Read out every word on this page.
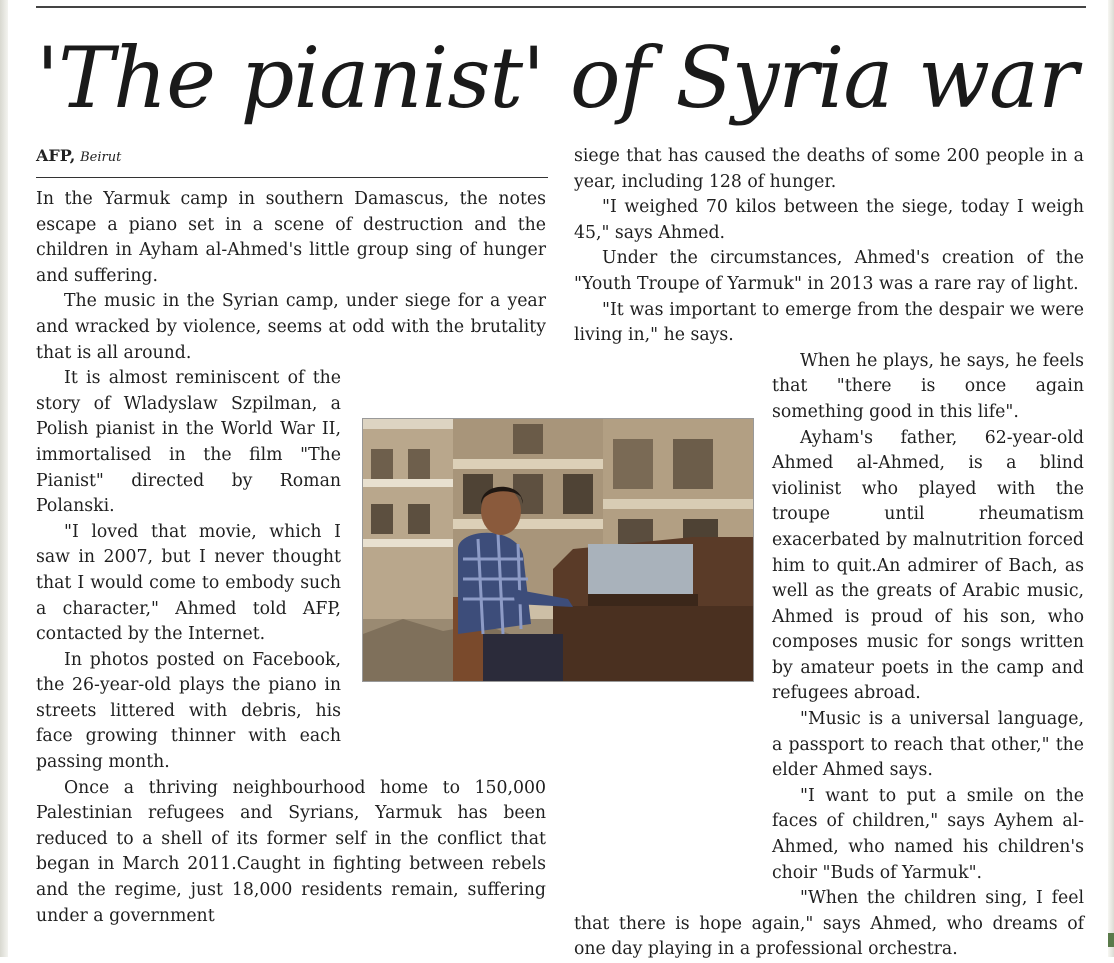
'The pianist' of Syria war
AFP, Beirut

In the Yarmuk camp in southern Damascus, the notes escape a piano set in a scene of destruction and the children in Ayham al-Ahmed's little group sing of hunger and suffering.

The music in the Syrian camp, under siege for a year and wracked by violence, seems at odd with the brutality that is all around.

It is almost reminiscent of the story of Wladyslaw Szpilman, a Polish pianist in the World War II, immortalised in the film "The Pianist" directed by Roman Polanski.

"I loved that movie, which I saw in 2007, but I never thought that I would come to embody such a character," Ahmed told AFP, contacted by the Internet.

In photos posted on Facebook, the 26-year-old plays the piano in streets littered with debris, his face growing thinner with each passing month.

Once a thriving neighbourhood home to 150,000 Palestinian refugees and Syrians, Yarmuk has been reduced to a shell of its former self in the conflict that began in March 2011.Caught in fighting between rebels and the regime, just 18,000 residents remain, suffering under a government

siege that has caused the deaths of some 200 people in a year, including 128 of hunger.

"I weighed 70 kilos between the siege, today I weigh 45," says Ahmed.

Under the circumstances, Ahmed's creation of the "Youth Troupe of Yarmuk" in 2013 was a rare ray of light.

"It was important to emerge from the despair we were living in," he says.

When he plays, he says, he feels that "there is once again something good in this life".

Ayham's father, 62-year-old Ahmed al-Ahmed, is a blind violinist who played with the troupe until rheumatism exacerbated by malnutrition forced him to quit.An admirer of Bach, as well as the greats of Arabic music, Ahmed is proud of his son, who composes music for songs written by amateur poets in the camp and refugees abroad.

"Music is a universal language, a passport to reach that other," the elder Ahmed says.

"I want to put a smile on the faces of children," says Ayhem al-Ahmed, who named his children's choir "Buds of Yarmuk".

"When the children sing, I feel that there is hope again," says Ahmed, who dreams of one day playing in a professional orchestra.
